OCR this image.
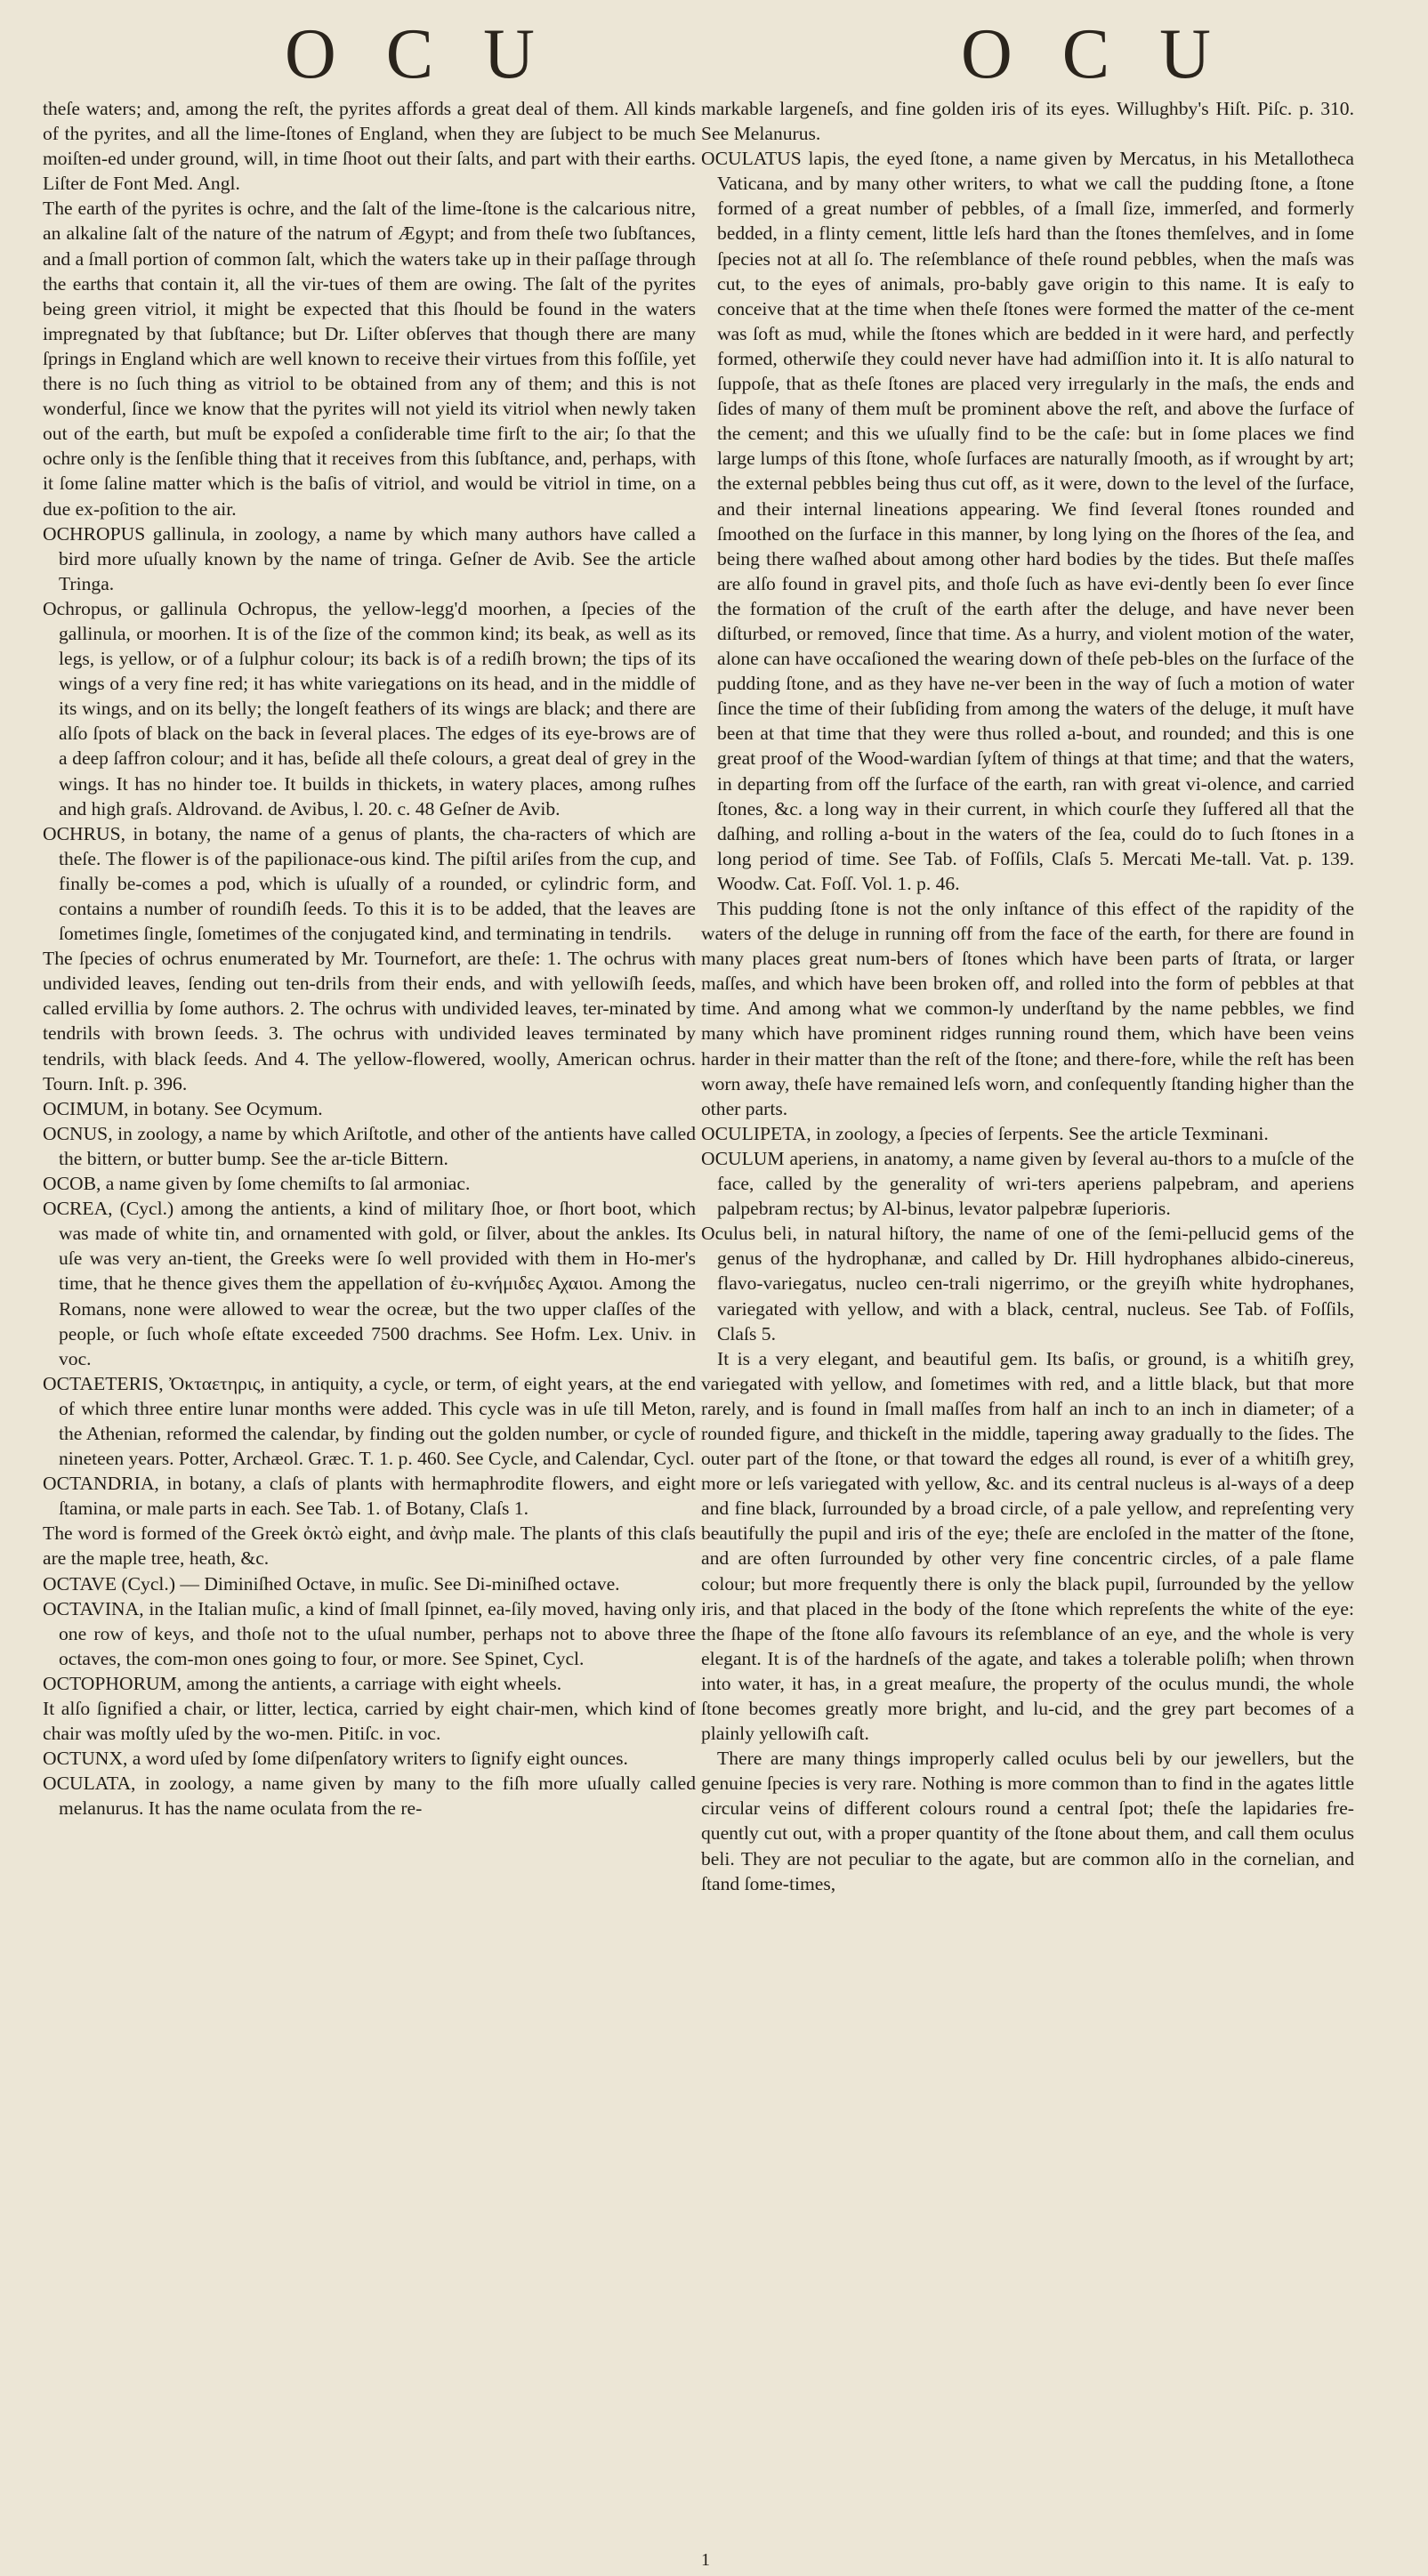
O C U	O C U

theſe waters; and, among the reſt, the pyrites affords a great deal of them. All kinds of the pyrites, and all the lime-ſtones of England, when they are ſubject to be much moiſten-ed under ground, will, in time ſhoot out their ſalts, and part with their earths. Liſter de Font Med. Angl.

The earth of the pyrites is ochre, and the ſalt of the lime-ſtone is the calcarious nitre, an alkaline ſalt of the nature of the natrum of Ægypt; and from theſe two ſubſtances, and a ſmall portion of common ſalt, which the waters take up in their paſſage through the earths that contain it, all the vir-tues of them are owing. The ſalt of the pyrites being green vitriol, it might be expected that this ſhould be found in the waters impregnated by that ſubſtance; but Dr. Liſter obſerves that though there are many ſprings in England which are well known to receive their virtues from this foſſile, yet there is no ſuch thing as vitriol to be obtained from any of them; and this is not wonderful, ſince we know that the pyrites will not yield its vitriol when newly taken out of the earth, but muſt be expoſed a conſiderable time firſt to the air; ſo that the ochre only is the ſenſible thing that it receives from this ſubſtance, and, perhaps, with it ſome ſaline matter which is the baſis of vitriol, and would be vitriol in time, on a due ex-poſition to the air.

OCHROPUS gallinula, in zoology, a name by which many authors have called a bird more uſually known by the name of tringa. Geſner de Avib. See the article Tringa.

Ochropus, or gallinula Ochropus, the yellow-legg'd moorhen, a ſpecies of the gallinula, or moorhen. It is of the ſize of the common kind; its beak, as well as its legs, is yellow, or of a ſulphur colour; its back is of a rediſh brown; the tips of its wings of a very fine red; it has white variegations on its head, and in the middle of its wings, and on its belly; the longeſt feathers of its wings are black; and there are alſo ſpots of black on the back in ſeveral places. The edges of its eye-brows are of a deep ſaffron colour; and it has, beſide all theſe colours, a great deal of grey in the wings. It has no hinder toe. It builds in thickets, in watery places, among ruſhes and high graſs. Aldrovand. de Avibus, l. 20. c. 48 Geſner de Avib.

OCHRUS, in botany, the name of a genus of plants, the cha-racters of which are theſe. The flower is of the papilionace-ous kind. The piſtil ariſes from the cup, and finally be-comes a pod, which is uſually of a rounded, or cylindric form, and contains a number of roundiſh ſeeds. To this it is to be added, that the leaves are ſometimes ſingle, ſometimes of the conjugated kind, and terminating in tendrils.

The ſpecies of ochrus enumerated by Mr. Tournefort, are theſe: 1. The ochrus with undivided leaves, ſending out ten-drils from their ends, and with yellowiſh ſeeds, called ervillia by ſome authors. 2. The ochrus with undivided leaves, ter-minated by tendrils with brown ſeeds. 3. The ochrus with undivided leaves terminated by tendrils, with black ſeeds. And 4. The yellow-flowered, woolly, American ochrus. Tourn. Inſt. p. 396.

OCIMUM, in botany. See Ocymum.

OCNUS, in zoology, a name by which Ariſtotle, and other of the antients have called the bittern, or butter bump. See the ar-ticle Bittern.

OCOB, a name given by ſome chemiſts to ſal armoniac.

OCREA, (Cycl.) among the antients, a kind of military ſhoe, or ſhort boot, which was made of white tin, and ornamented with gold, or ſilver, about the ankles. Its uſe was very an-tient, the Greeks were ſo well provided with them in Ho-mer's time, that he thence gives them the appellation of ἐυ-κνήμιδες Αχαιοι. Among the Romans, none were allowed to wear the ocreæ, but the two upper claſſes of the people, or ſuch whoſe eſtate exceeded 7500 drachms. See Hofm. Lex. Univ. in voc.

OCTAETERIS, Ὀκταετηρις, in antiquity, a cycle, or term, of eight years, at the end of which three entire lunar months were added. This cycle was in uſe till Meton, the Athenian, reformed the calendar, by finding out the golden number, or cycle of nineteen years. Potter, Archæol. Græc. T. 1. p. 460. See Cycle, and Calendar, Cycl.

OCTANDRIA, in botany, a claſs of plants with hermaphrodite flowers, and eight ſtamina, or male parts in each. See Tab. 1. of Botany, Claſs 1.

The word is formed of the Greek ὀκτὼ eight, and ἀνὴρ male. The plants of this claſs are the maple tree, heath, &c.

OCTAVE (Cycl.) — Diminiſhed Octave, in muſic. See Di-miniſhed octave.

OCTAVINA, in the Italian muſic, a kind of ſmall ſpinnet, ea-ſily moved, having only one row of keys, and thoſe not to the uſual number, perhaps not to above three octaves, the com-mon ones going to four, or more. See Spinet, Cycl.

OCTOPHORUM, among the antients, a carriage with eight wheels.

It alſo ſignified a chair, or litter, lectica, carried by eight chair-men, which kind of chair was moſtly uſed by the wo-men. Pitiſc. in voc.

OCTUNX, a word uſed by ſome diſpenſatory writers to ſignify eight ounces.

OCULATA, in zoology, a name given by many to the fiſh more uſually called melanurus. It has the name oculata from the re-

markable largeneſs, and fine golden iris of its eyes. Willughby's Hiſt. Piſc. p. 310. See Melanurus.

OCULATUS lapis, the eyed ſtone, a name given by Mercatus, in his Metallotheca Vaticana, and by many other writers, to what we call the pudding ſtone, a ſtone formed of a great number of pebbles, of a ſmall ſize, immerſed, and formerly bedded, in a flinty cement, little leſs hard than the ſtones themſelves, and in ſome ſpecies not at all ſo. The reſemblance of theſe round pebbles, when the maſs was cut, to the eyes of animals, pro-bably gave origin to this name. It is eaſy to conceive that at the time when theſe ſtones were formed the matter of the ce-ment was ſoft as mud, while the ſtones which are bedded in it were hard, and perfectly formed, otherwiſe they could never have had admiſſion into it. It is alſo natural to ſuppoſe, that as theſe ſtones are placed very irregularly in the maſs, the ends and ſides of many of them muſt be prominent above the reſt, and above the ſurface of the cement; and this we uſually find to be the caſe: but in ſome places we find large lumps of this ſtone, whoſe ſurfaces are naturally ſmooth, as if wrought by art; the external pebbles being thus cut off, as it were, down to the level of the ſurface, and their internal lineations appearing. We find ſeveral ſtones rounded and ſmoothed on the ſurface in this manner, by long lying on the ſhores of the ſea, and being there waſhed about among other hard bodies by the tides. But theſe maſſes are alſo found in gravel pits, and thoſe ſuch as have evi-dently been ſo ever ſince the formation of the cruſt of the earth after the deluge, and have never been diſturbed, or removed, ſince that time. As a hurry, and violent motion of the water, alone can have occaſioned the wearing down of theſe peb-bles on the ſurface of the pudding ſtone, and as they have ne-ver been in the way of ſuch a motion of water ſince the time of their ſubſiding from among the waters of the deluge, it muſt have been at that time that they were thus rolled a-bout, and rounded; and this is one great proof of the Wood-wardian ſyſtem of things at that time; and that the waters, in departing from off the ſurface of the earth, ran with great vi-olence, and carried ſtones, &c. a long way in their current, in which courſe they ſuffered all that the daſhing, and rolling a-bout in the waters of the ſea, could do to ſuch ſtones in a long period of time. See Tab. of Foſſils, Claſs 5. Mercati Me-tall. Vat. p. 139. Woodw. Cat. Foſſ. Vol. 1. p. 46.

This pudding ſtone is not the only inſtance of this effect of the rapidity of the waters of the deluge in running off from the face of the earth, for there are found in many places great num-bers of ſtones which have been parts of ſtrata, or larger maſſes, and which have been broken off, and rolled into the form of pebbles at that time. And among what we common-ly underſtand by the name pebbles, we find many which have prominent ridges running round them, which have been veins harder in their matter than the reſt of the ſtone; and there-fore, while the reſt has been worn away, theſe have remained leſs worn, and conſequently ſtanding higher than the other parts.

OCULIPETA, in zoology, a ſpecies of ſerpents. See the article Texminani.

OCULUM aperiens, in anatomy, a name given by ſeveral au-thors to a muſcle of the face, called by the generality of wri-ters aperiens palpebram, and aperiens palpebram rectus; by Al-binus, levator palpebræ ſuperioris.

Oculus beli, in natural hiſtory, the name of one of the ſemi-pellucid gems of the genus of the hydrophanæ, and called by Dr. Hill hydrophanes albido-cinereus, flavo-variegatus, nucleo cen-trali nigerrimo, or the greyiſh white hydrophanes, variegated with yellow, and with a black, central, nucleus. See Tab. of Foſſils, Claſs 5.

It is a very elegant, and beautiful gem. Its baſis, or ground, is a whitiſh grey, variegated with yellow, and ſometimes with red, and a little black, but that more rarely, and is found in ſmall maſſes from half an inch to an inch in diameter; of a rounded figure, and thickeſt in the middle, tapering away gradually to the ſides. The outer part of the ſtone, or that toward the edges all round, is ever of a whitiſh grey, more or leſs variegated with yellow, &c. and its central nucleus is al-ways of a deep and fine black, ſurrounded by a broad circle, of a pale yellow, and repreſenting very beautifully the pupil and iris of the eye; theſe are encloſed in the matter of the ſtone, and are often ſurrounded by other very fine concentric circles, of a pale flame colour; but more frequently there is only the black pupil, ſurrounded by the yellow iris, and that placed in the body of the ſtone which repreſents the white of the eye: the ſhape of the ſtone alſo favours its reſemblance of an eye, and the whole is very elegant. It is of the hardneſs of the agate, and takes a tolerable poliſh; when thrown into water, it has, in a great meaſure, the property of the oculus mundi, the whole ſtone becomes greatly more bright, and lu-cid, and the grey part becomes of a plainly yellowiſh caſt.

There are many things improperly called oculus beli by our jewellers, but the genuine ſpecies is very rare. Nothing is more common than to find in the agates little circular veins of different colours round a central ſpot; theſe the lapidaries fre-quently cut out, with a proper quantity of the ſtone about them, and call them oculus beli. They are not peculiar to the agate, but are common alſo in the cornelian, and ſtand ſome-times,

1
